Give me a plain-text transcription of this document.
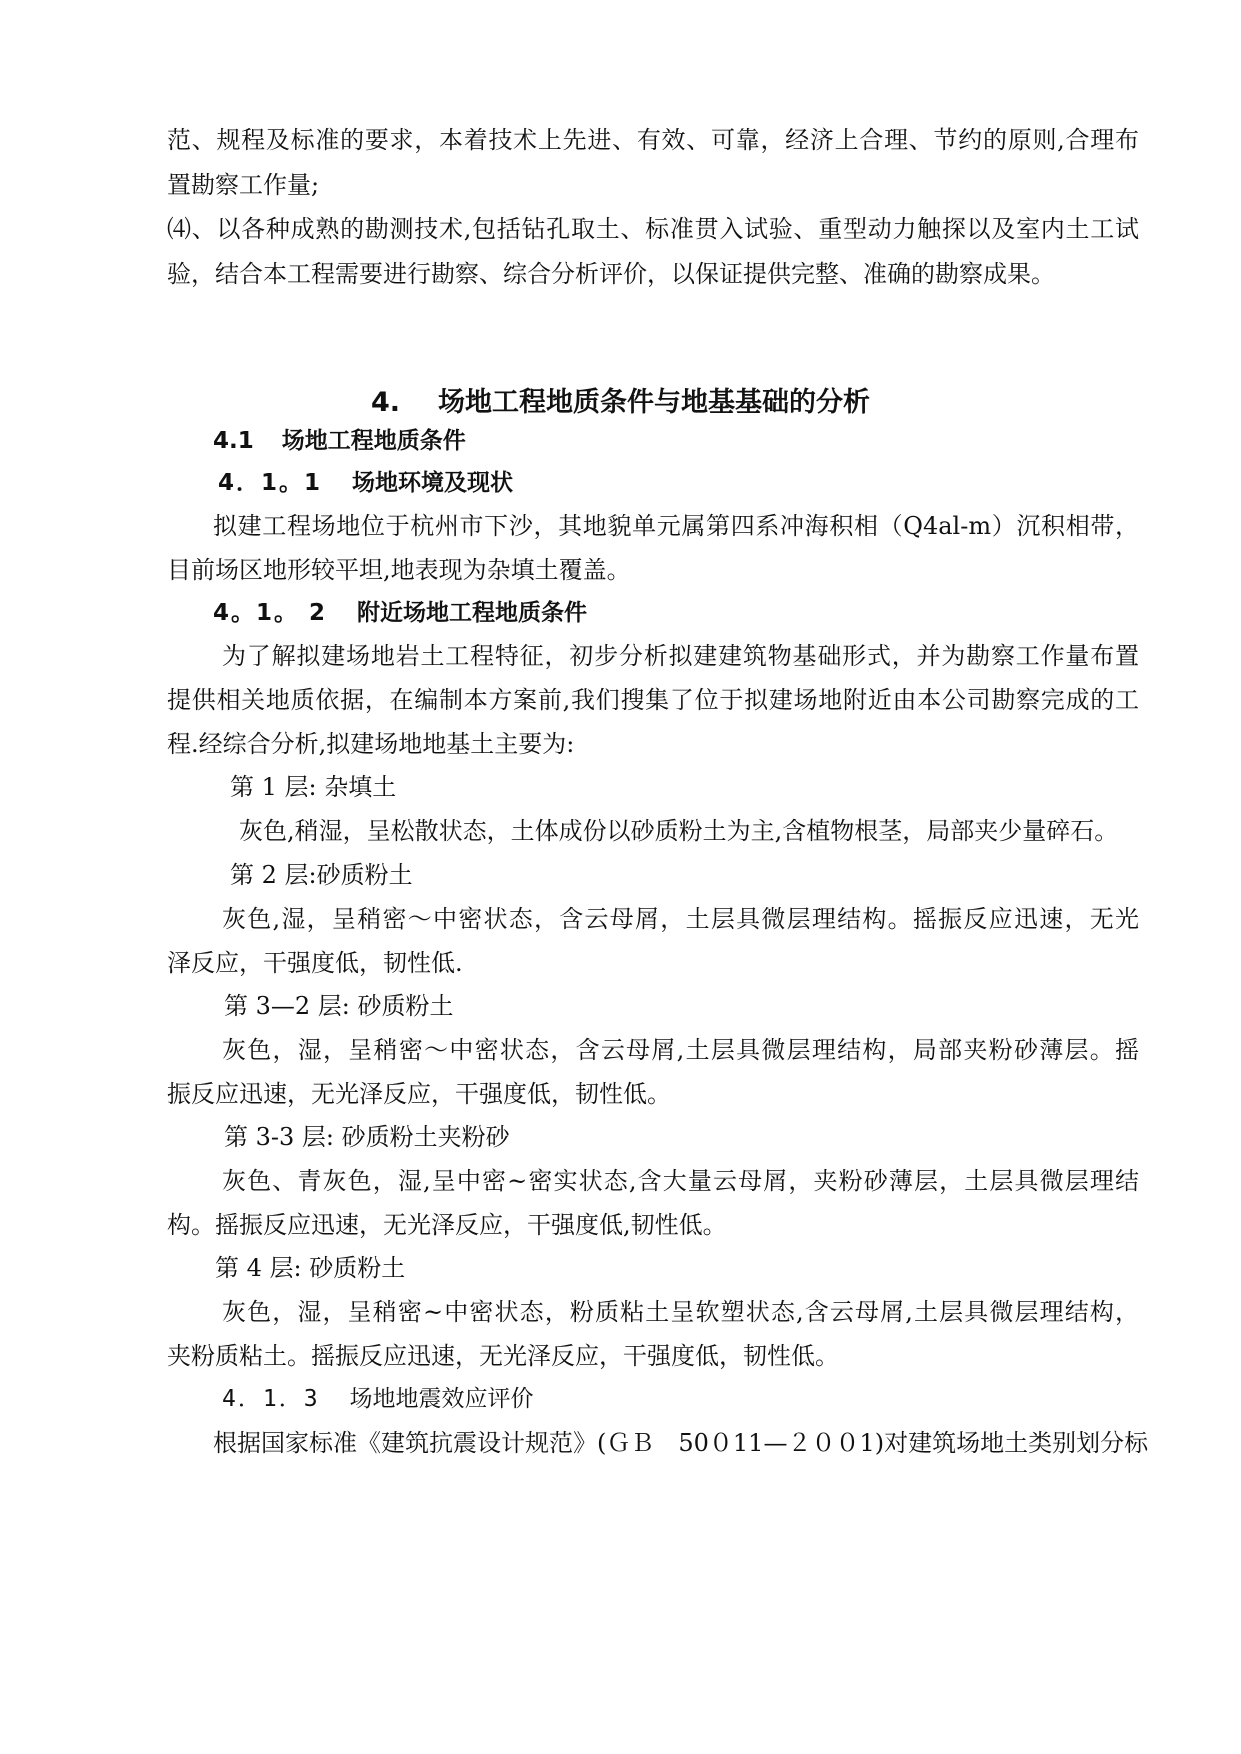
范、规程及标准的要求，本着技术上先进、有效、可靠，经济上合理、节约的原则,合理布
置勘察工作量;
⑷、以各种成熟的勘测技术,包括钻孔取土、标准贯入试验、重型动力触探以及室内土工试
验，结合本工程需要进行勘察、综合分析评价，以保证提供完整、准确的勘察成果。
4. 场地工程地质条件与地基基础的分析
4.1 场地工程地质条件
4．1。1 场地环境及现状
拟建工程场地位于杭州市下沙，其地貌单元属第四系冲海积相（Q4al-m）沉积相带，
目前场区地形较平坦,地表现为杂填土覆盖。
4。1。 2 附近场地工程地质条件
为了解拟建场地岩土工程特征，初步分析拟建建筑物基础形式，并为勘察工作量布置
提供相关地质依据，在编制本方案前,我们搜集了位于拟建场地附近由本公司勘察完成的工
程.经综合分析,拟建场地地基土主要为:
第 1 层: 杂填土
灰色,稍湿，呈松散状态，土体成份以砂质粉土为主,含植物根茎，局部夹少量碎石。
第 2 层:砂质粉土
灰色,湿，呈稍密～中密状态，含云母屑，土层具微层理结构。摇振反应迅速，无光
泽反应，干强度低，韧性低.
第 3—2 层: 砂质粉土
灰色，湿，呈稍密～中密状态，含云母屑,土层具微层理结构，局部夹粉砂薄层。摇
振反应迅速，无光泽反应，干强度低，韧性低。
第 3-3 层: 砂质粉土夹粉砂
灰色、青灰色，湿,呈中密~密实状态,含大量云母屑，夹粉砂薄层，土层具微层理结
构。摇振反应迅速，无光泽反应，干强度低,韧性低。
第 4 层: 砂质粉土
灰色，湿，呈稍密~中密状态，粉质粘土呈软塑状态,含云母屑,土层具微层理结构，
夹粉质粘土。摇振反应迅速，无光泽反应，干强度低，韧性低。
4．1．3 场地地震效应评价
根据国家标准《建筑抗震设计规范》(ＧＢ　50０11—２００1)对建筑场地土类别划分标
